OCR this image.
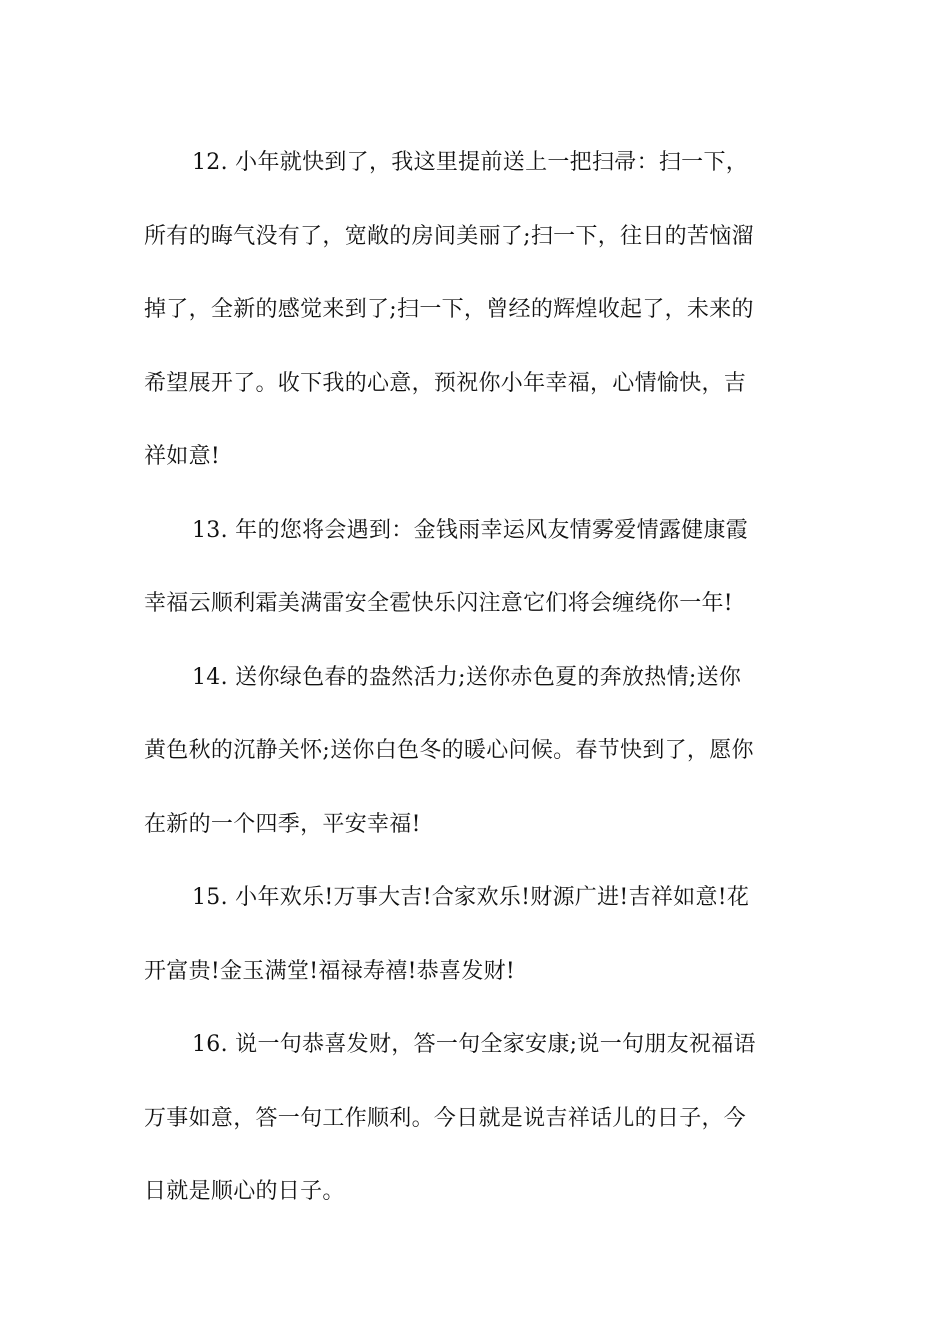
12. 小年就快到了，我这里提前送上一把扫帚：扫一下，
所有的晦气没有了，宽敞的房间美丽了;扫一下，往日的苦恼溜
掉了，全新的感觉来到了;扫一下，曾经的辉煌收起了，未来的
希望展开了。收下我的心意，预祝你小年幸福，心情愉快，吉
祥如意!

13. 年的您将会遇到：金钱雨幸运风友情雾爱情露健康霞
幸福云顺利霜美满雷安全雹快乐闪注意它们将会缠绕你一年!

14. 送你绿色春的盎然活力;送你赤色夏的奔放热情;送你
黄色秋的沉静关怀;送你白色冬的暖心问候。春节快到了，愿你
在新的一个四季，平安幸福!

15. 小年欢乐!万事大吉!合家欢乐!财源广进!吉祥如意!花
开富贵!金玉满堂!福禄寿禧!恭喜发财!

16. 说一句恭喜发财，答一句全家安康;说一句朋友祝福语
万事如意，答一句工作顺利。今日就是说吉祥话儿的日子，今
日就是顺心的日子。
